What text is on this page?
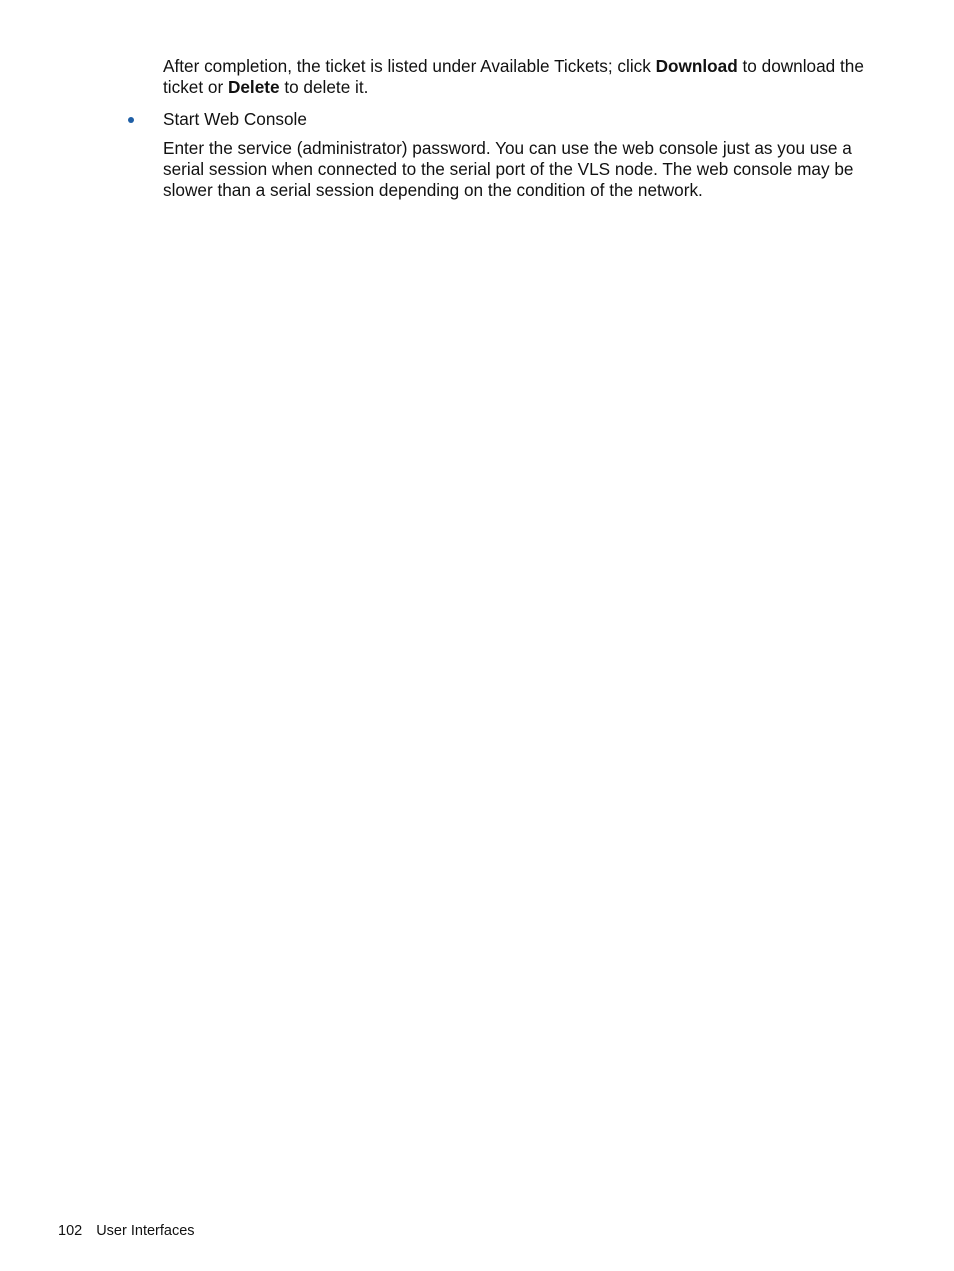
After completion, the ticket is listed under Available Tickets; click Download to download the ticket or Delete to delete it.

Start Web Console

Enter the service (administrator) password. You can use the web console just as you use a serial session when connected to the serial port of the VLS node. The web console may be slower than a serial session depending on the condition of the network.

102 User Interfaces
